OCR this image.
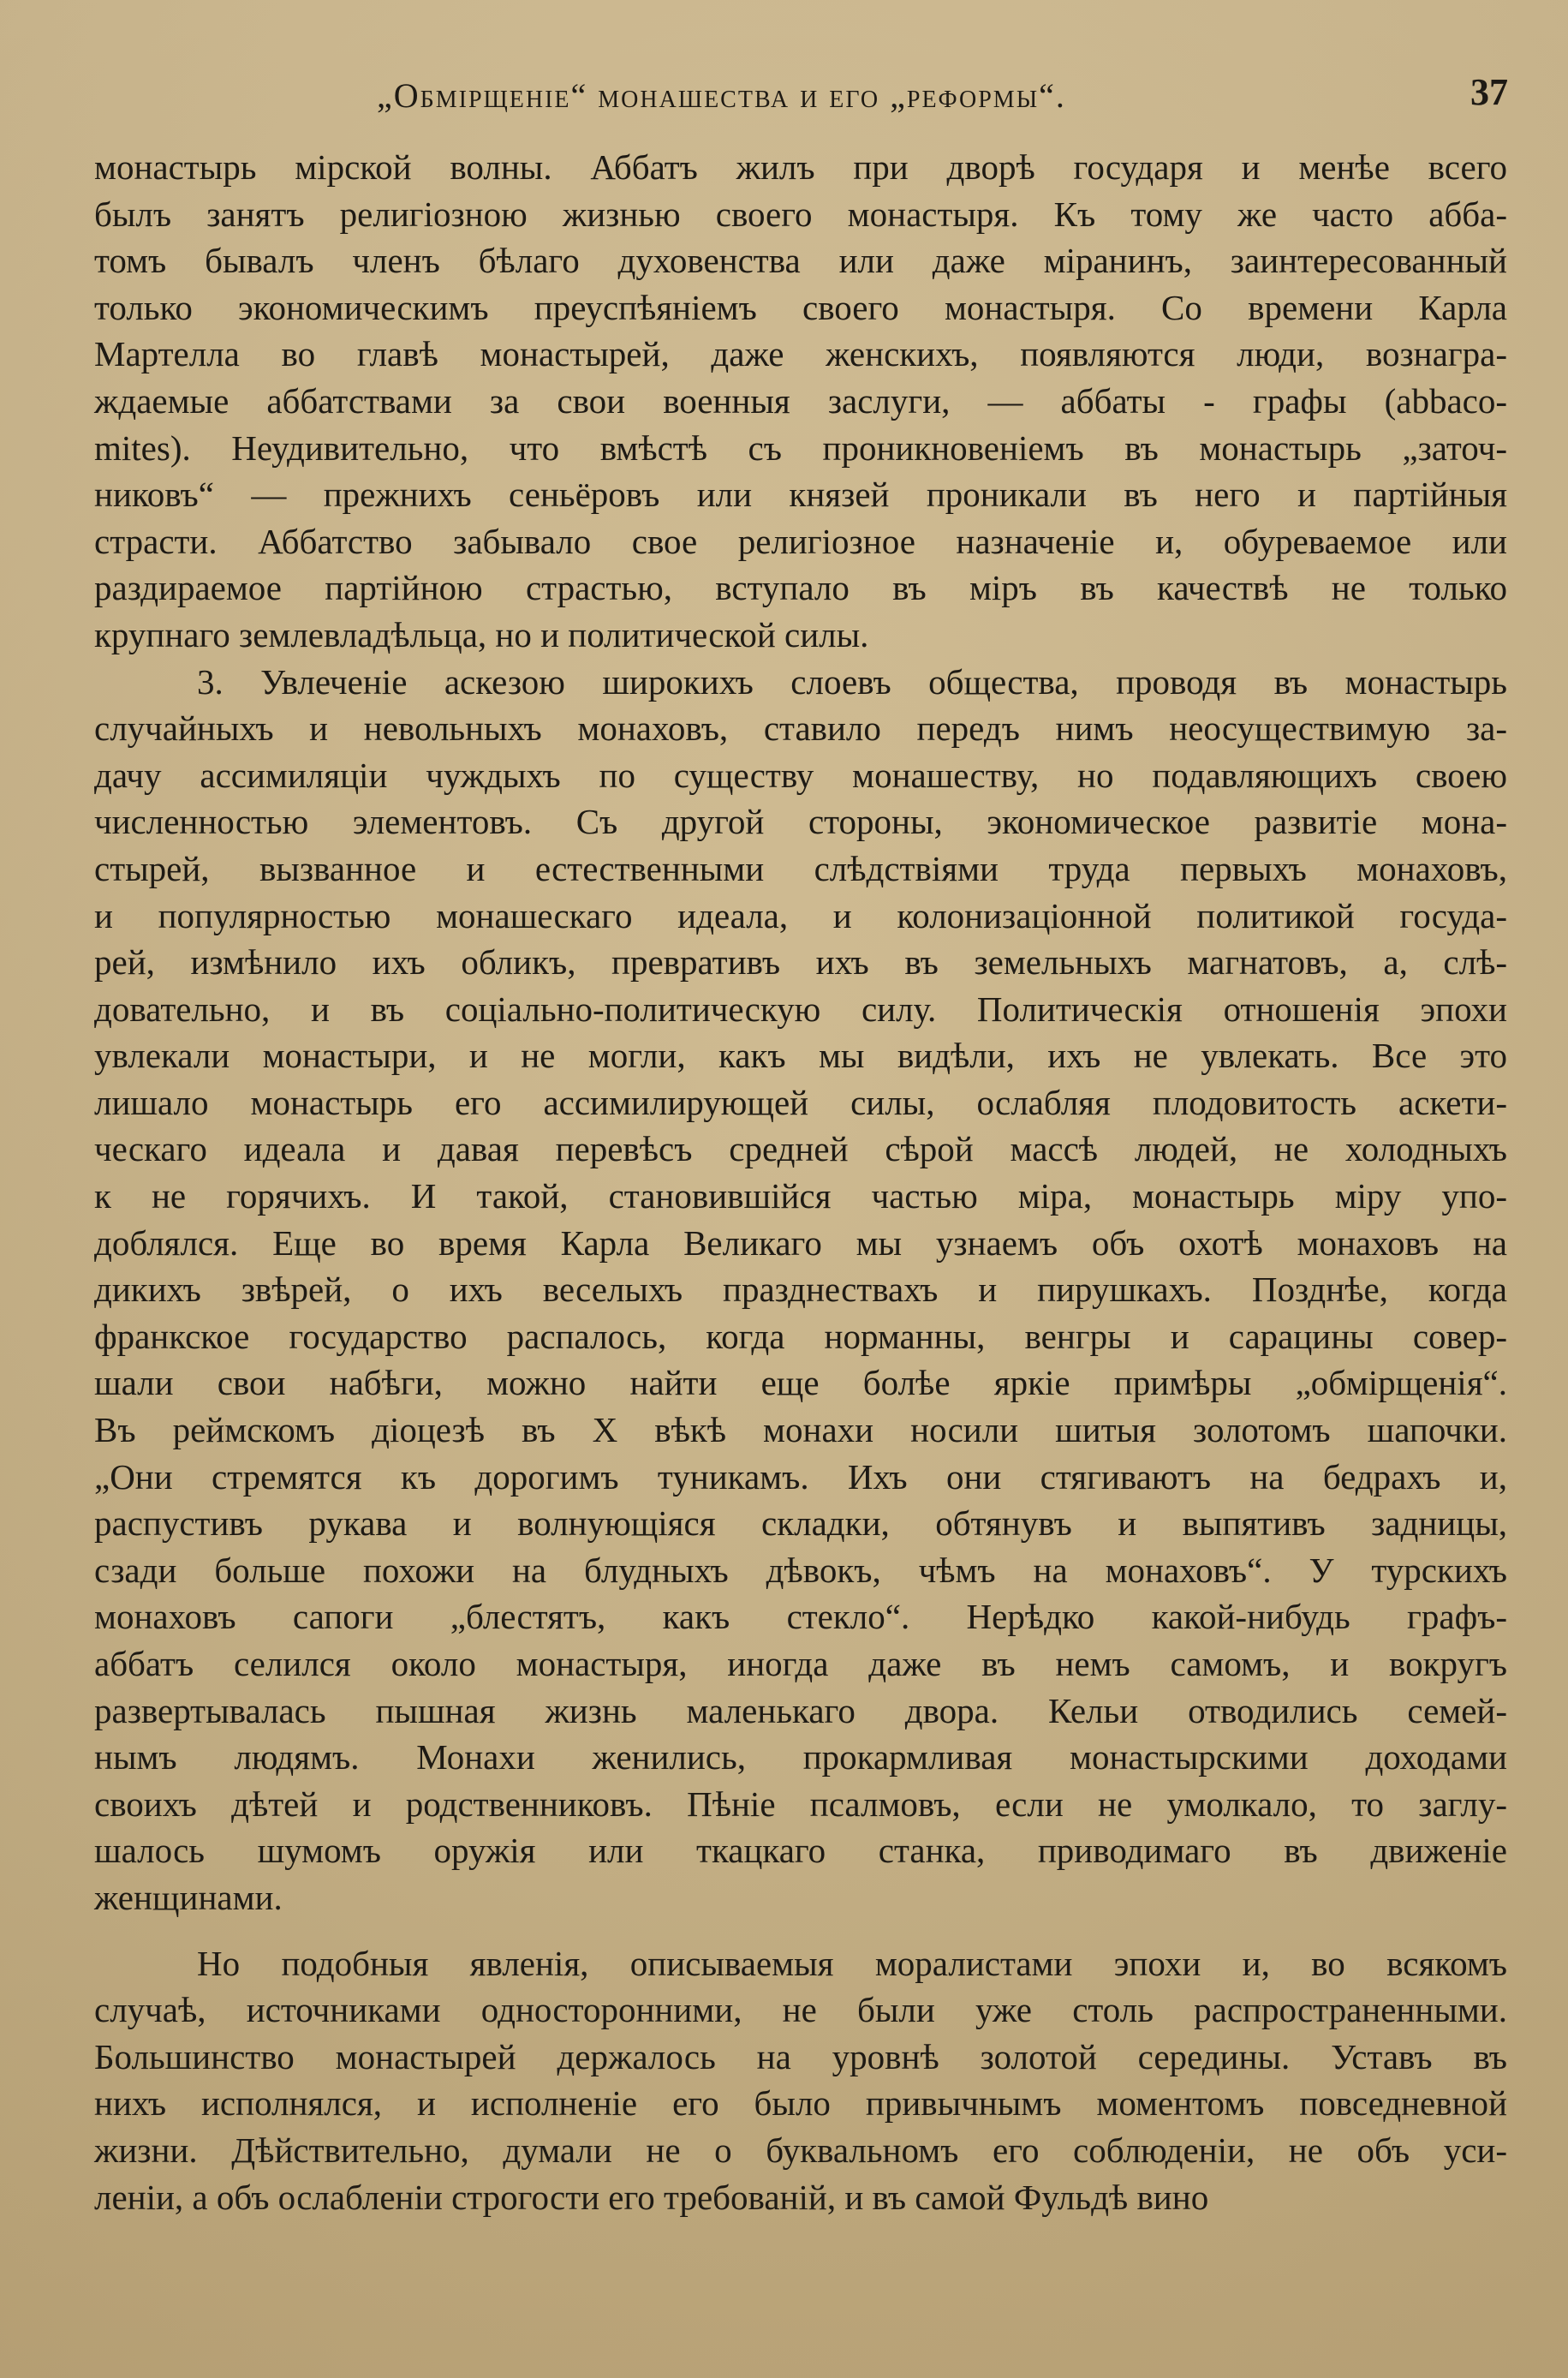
„Обмірщеніе“ монашества и его „реформы“.	37
монастырь мірской волны. Аббатъ жилъ при дворѣ государя и менѣе всего
былъ занятъ религіозною жизнью своего монастыря. Къ тому же часто абба-
томъ бывалъ членъ бѣлаго духовенства или даже міранинъ, заинтересованный
только экономическимъ преуспѣяніемъ своего монастыря. Со времени Карла
Мартелла во главѣ монастырей, даже женскихъ, появляются люди, вознагра-
ждаемые аббатствами за свои военныя заслуги, — аббаты - графы (abbaco-
mites). Неудивительно, что вмѣстѣ съ проникновеніемъ въ монастырь „заточ-
никовъ“ — прежнихъ сеньёровъ или князей проникали въ него и партійныя
страсти. Аббатство забывало свое религіозное назначеніе и, обуреваемое или
раздираемое партійною страстью, вступало въ міръ въ качествѣ не только
крупнаго землевладѣльца, но и политической силы.
3. Увлеченіе аскезою широкихъ слоевъ общества, проводя въ монастырь
случайныхъ и невольныхъ монаховъ, ставило передъ нимъ неосуществимую за-
дачу ассимиляціи чуждыхъ по существу монашеству, но подавляющихъ своею
численностью элементовъ. Съ другой стороны, экономическое развитіе мона-
стырей, вызванное и естественными слѣдствіями труда первыхъ монаховъ,
и популярностью монашескаго идеала, и колонизаціонной политикой госуда-
рей, измѣнило ихъ обликъ, превративъ ихъ въ земельныхъ магнатовъ, а, слѣ-
довательно, и въ соціально-политическую силу. Политическія отношенія эпохи
увлекали монастыри, и не могли, какъ мы видѣли, ихъ не увлекать. Все это
лишало монастырь его ассимилирующей силы, ослабляя плодовитость аскети-
ческаго идеала и давая перевѣсъ средней сѣрой массѣ людей, не холодныхъ
к не горячихъ. И такой, становившійся частью міра, монастырь міру упо-
доблялся. Еще во время Карла Великаго мы узнаемъ объ охотѣ монаховъ на
дикихъ звѣрей, о ихъ веселыхъ празднествахъ и пирушкахъ. Позднѣе, когда
франкское государство распалось, когда норманны, венгры и сарацины совер-
шали свои набѣги, можно найти еще болѣе яркіе примѣры „обмірщенія“.
Въ реймскомъ діоцезѣ въ X вѣкѣ монахи носили шитыя золотомъ шапочки.
„Они стремятся къ дорогимъ туникамъ. Ихъ они стягиваютъ на бедрахъ и,
распустивъ рукава и волнующіяся складки, обтянувъ и выпятивъ задницы,
сзади больше похожи на блудныхъ дѣвокъ, чѣмъ на монаховъ“. У турскихъ
монаховъ сапоги „блестятъ, какъ стекло“. Нерѣдко какой-нибудь графъ-
аббатъ селился около монастыря, иногда даже въ немъ самомъ, и вокругъ
развертывалась пышная жизнь маленькаго двора. Кельи отводились семей-
нымъ людямъ. Монахи женились, прокармливая монастырскими доходами
своихъ дѣтей и родственниковъ. Пѣніе псалмовъ, если не умолкало, то заглу-
шалось шумомъ оружія или ткацкаго станка, приводимаго въ движеніе
женщинами.
Но подобныя явленія, описываемыя моралистами эпохи и, во всякомъ
случаѣ, источниками односторонними, не были уже столь распространенными.
Большинство монастырей держалось на уровнѣ золотой середины. Уставъ въ
нихъ исполнялся, и исполненіе его было привычнымъ моментомъ повседневной
жизни. Дѣйствительно, думали не о буквальномъ его соблюденіи, не объ уси-
леніи, а объ ослабленіи строгости его требованій, и въ самой Фульдѣ вино
